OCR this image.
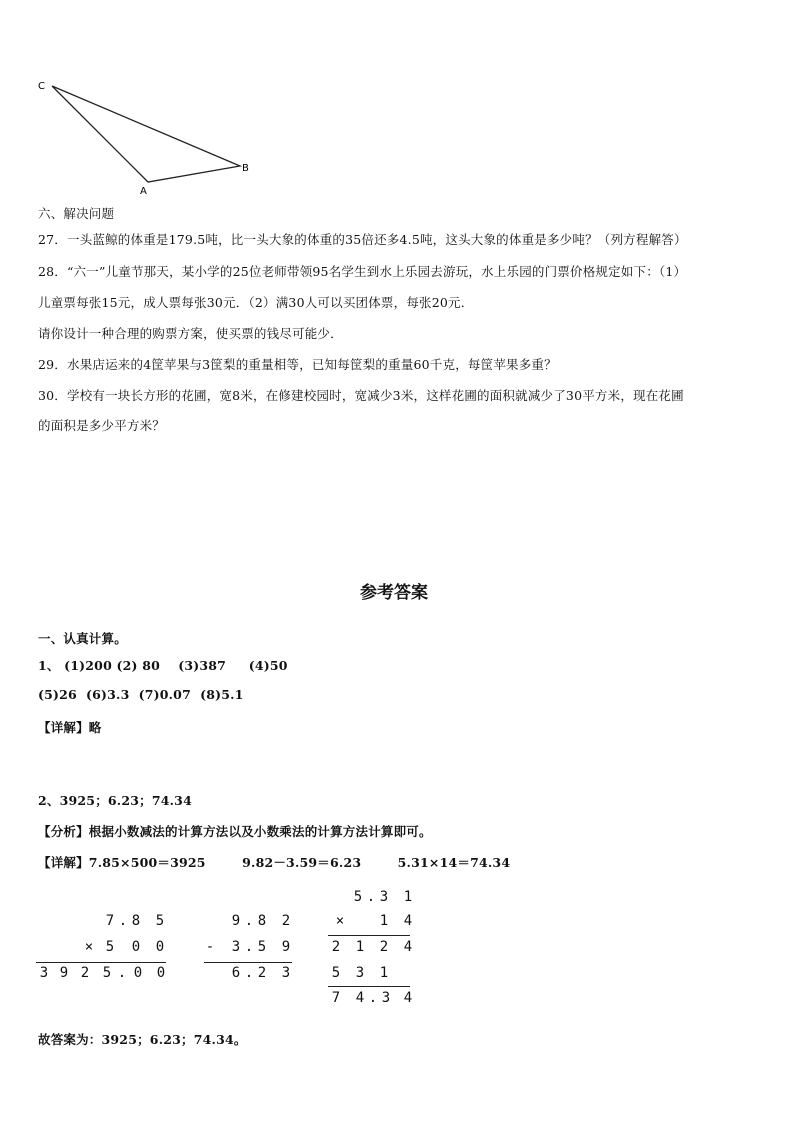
C
B
A
六、解决问题
27．一头蓝鲸的体重是179.5吨，比一头大象的体重的35倍还多4.5吨，这头大象的体重是多少吨？（列方程解答）
28．“六一”儿童节那天，某小学的25位老师带领95名学生到水上乐园去游玩，水上乐园的门票价格规定如下：（1）
儿童票每张15元，成人票每张30元．（2）满30人可以买团体票，每张20元．
请你设计一种合理的购票方案，使买票的钱尽可能少．
29．水果店运来的4筐苹果与3筐梨的重量相等，已知每筐梨的重量60千克，每筐苹果多重？
30．学校有一块长方形的花圃，宽8米，在修建校园时，宽减少3米，这样花圃的面积就减少了30平方米，现在花圃
的面积是多少平方米？
参考答案
一、认真计算。
1、 (1)200 (2) 80    (3)387     (4)50
(5)26  (6)3.3  (7)0.07  (8)5.1
【详解】略
2、3925；6.23；74.34
【分析】根据小数减法的计算方法以及小数乘法的计算方法计算即可。
【详解】7.85×500＝3925        9.82－3.59＝6.23        5.31×14＝74.34
7 . 8	5
× 5	0	0
3 9 2 5 . 0	0
9 . 8	2
-	3 . 5	9
6 . 2	3
5 . 3	1
×	1	4
2	1	2	4
5	3	1
7	4 . 3 4
故答案为：3925；6.23；74.34。
